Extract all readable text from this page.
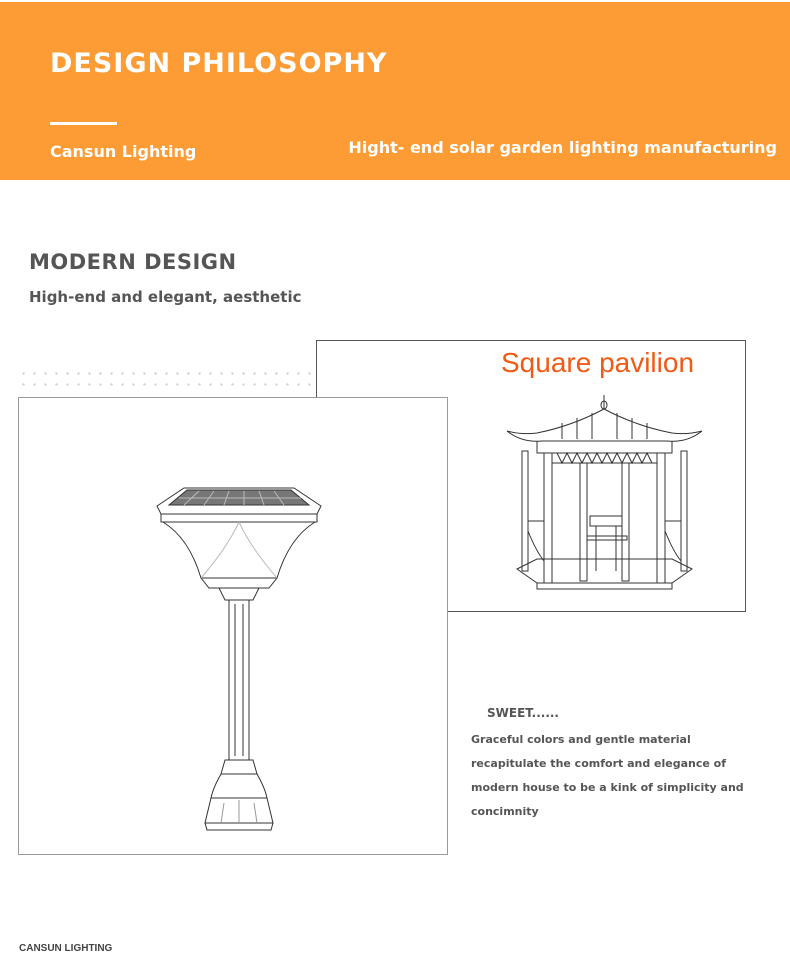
DESIGN PHILOSOPHY
Cansun Lighting	Hight- end solar garden lighting manufacturing
MODERN DESIGN
High-end and elegant, aesthetic
Square pavilion
SWEET......
Graceful colors and gentle material recapitulate the comfort and elegance of modern house to be a kink of simplicity and concimnity
CANSUN LIGHTING
